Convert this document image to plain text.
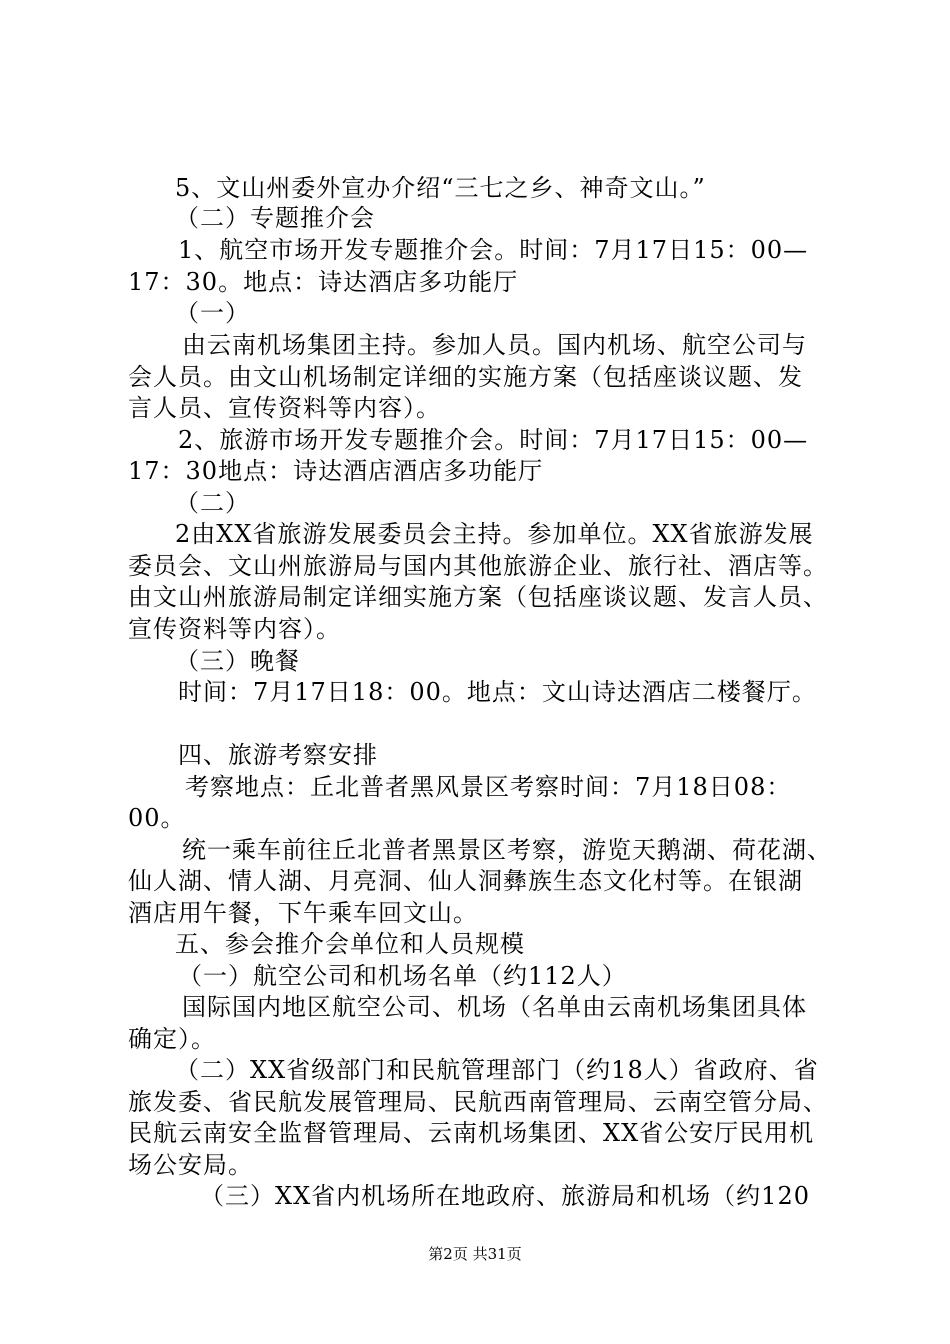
5、文山州委外宣办介绍“三七之乡、神奇文山。”
（二）专题推介会
1、航空市场开发专题推介会。时间：7月17日15：00—
17：30。地点：诗达酒店多功能厅
（一）
由云南机场集团主持。参加人员。国内机场、航空公司与
会人员。由文山机场制定详细的实施方案（包括座谈议题、发
言人员、宣传资料等内容）。
2、旅游市场开发专题推介会。时间：7月17日15：00—
17：30地点：诗达酒店酒店多功能厅
（二）
2由XX省旅游发展委员会主持。参加单位。XX省旅游发展
委员会、文山州旅游局与国内其他旅游企业、旅行社、酒店等。
由文山州旅游局制定详细实施方案（包括座谈议题、发言人员、
宣传资料等内容）。
（三）晚餐
时间：7月17日18：00。地点：文山诗达酒店二楼餐厅。
四、旅游考察安排
考察地点：丘北普者黑风景区考察时间：7月18日08：
00。
统一乘车前往丘北普者黑景区考察，游览天鹅湖、荷花湖、
仙人湖、情人湖、月亮洞、仙人洞彝族生态文化村等。在银湖
酒店用午餐，下午乘车回文山。
五、参会推介会单位和人员规模
（一）航空公司和机场名单（约112人）
国际国内地区航空公司、机场（名单由云南机场集团具体
确定）。
（二）XX省级部门和民航管理部门（约18人）省政府、省
旅发委、省民航发展管理局、民航西南管理局、云南空管分局、
民航云南安全监督管理局、云南机场集团、XX省公安厅民用机
场公安局。
（三）XX省内机场所在地政府、旅游局和机场（约120
第2页 共31页
